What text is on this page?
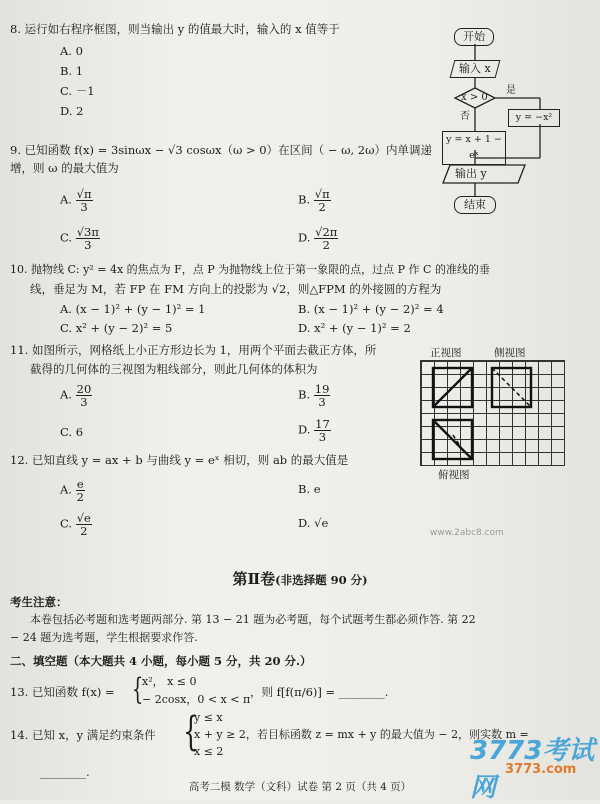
8. 运行如右程序框图，则当输出 y 的值最大时，输入的 x 值等于
A. 0
B. 1
C. －1
D. 2
开始
输入 x
x > 0
是
否	y = −x²
y = x + 1 − eˣ
输出 y
结束
9. 已知函数 f(x) = 3sinωx − √3 cosωx（ω > 0）在区间（ − ω, 2ω）内单调递
增，则 ω 的最大值为
A. $\frac{√\pi}{3}$	B. $\frac{√\pi}{2}$
C. $\frac{√3\pi}{3}$	D. $\frac{√2\pi}{2}$
10. 抛物线 C: y² = 4x 的焦点为 F，点 P 为抛物线上位于第一象限的点，过点 P 作 C 的准线的垂
线，垂足为 M，若 FP 在 FM 方向上的投影为 √2，则△FPM 的外接圆的方程为
A. (x − 1)² + (y − 1)² = 1	B. (x − 1)² + (y − 2)² = 4
C. x² + (y − 2)² = 5	D. x² + (y − 1)² = 2
11. 如图所示，网格纸上小正方形边长为 1，用两个平面去截正方体，所
截得的几何体的三视图为粗线部分，则此几何体的体积为
A. $\frac{20}{3}$	B. $\frac{19}{3}$
C. 6	D. $\frac{17}{3}$
正视图	侧视图
俯视图
12. 已知直线 y = ax + b 与曲线 y = eˣ 相切，则 ab 的最大值是
A. $\frac{e}{2}$	B. e
C. $\frac{√e}{2}$	D. √e
www.2abc8.com
第Ⅱ卷(非选择题 90 分)
考生注意：
本卷包括必考题和选考题两部分. 第 13 − 21 题为必考题，每个试题考生都必须作答. 第 22
− 24 题为选考题，学生根据要求作答.
二、填空题（本大题共 4 小题，每小题 5 分，共 20 分.）
13. 已知函数 f(x) = {
x²， x ≤ 0
− 2cosx，0 < x < π
，则 f[f(π/6)] = ________.
14. 已知 x，y 满足约束条件 {
y ≤ x
x + y ≥ 2，若目标函数 z = mx + y 的最大值为 − 2，则实数 m =
x ≤ 2
________.
3773考试网
3773.com
高考二模 数学（文科）试卷 第 2 页（共 4 页）
